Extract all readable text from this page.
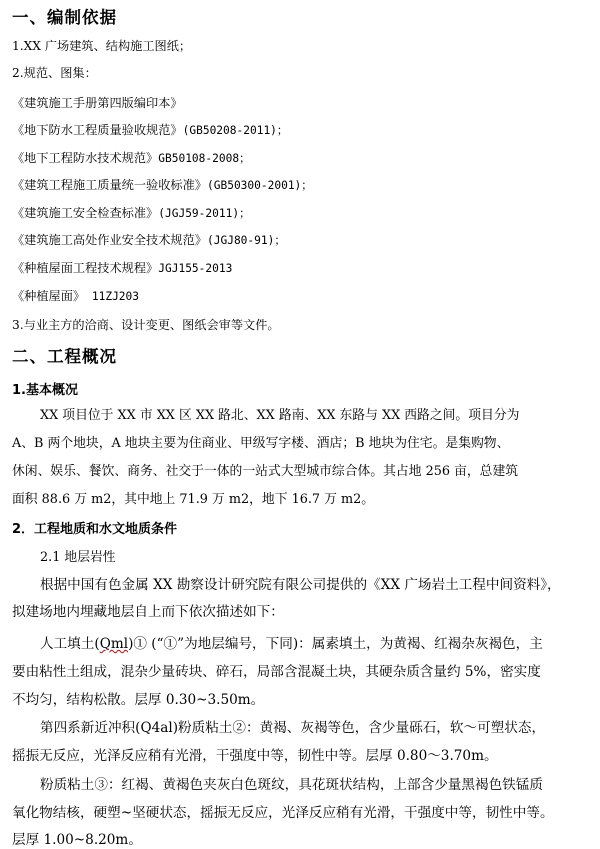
一、编制依据
1.XX 广场建筑、结构施工图纸；
2.规范、图集：
《建筑施工手册第四版编印本》
《地下防水工程质量验收规范》(GB50208-2011)；
《地下工程防水技术规范》GB50108-2008；
《建筑工程施工质量统一验收标准》(GB50300-2001)；
《建筑施工安全检查标准》(JGJ59-2011)；
《建筑施工高处作业安全技术规范》(JGJ80-91)；
《种植屋面工程技术规程》JGJ155-2013
《种植屋面》 11ZJ203
3.与业主方的洽商、设计变更、图纸会审等文件。
二、工程概况
1.基本概况
XX 项目位于 XX 市 XX 区 XX 路北、XX 路南、XX 东路与 XX 西路之间。项目分为
A、B 两个地块，A 地块主要为住商业、甲级写字楼、酒店；B 地块为住宅。是集购物、
休闲、娱乐、餐饮、商务、社交于一体的一站式大型城市综合体。其占地 256 亩，总建筑
面积 88.6 万 m2，其中地上 71.9 万 m2，地下 16.7 万 m2。
2．工程地质和水文地质条件
2.1 地层岩性
根据中国有色金属 XX 勘察设计研究院有限公司提供的《XX 广场岩土工程中间资料》，
拟建场地内埋藏地层自上而下依次描述如下：
人工填土(Qml)① (“①”为地层编号，下同)：属素填土，为黄褐、红褐杂灰褐色，主
要由粘性土组成，混杂少量砖块、碎石，局部含混凝土块，其硬杂质含量约 5%，密实度
不均匀，结构松散。层厚 0.30~3.50m。
第四系新近冲积(Q4al)粉质粘土②：黄褐、灰褐等色，含少量砾石，软～可塑状态，
摇振无反应，光泽反应稍有光滑，干强度中等，韧性中等。层厚 0.80～3.70m。
粉质粘土③：红褐、黄褐色夹灰白色斑纹，具花斑状结构，上部含少量黑褐色铁锰质
氧化物结核，硬塑~坚硬状态，摇振无反应，光泽反应稍有光滑，干强度中等，韧性中等。
层厚 1.00~8.20m。
